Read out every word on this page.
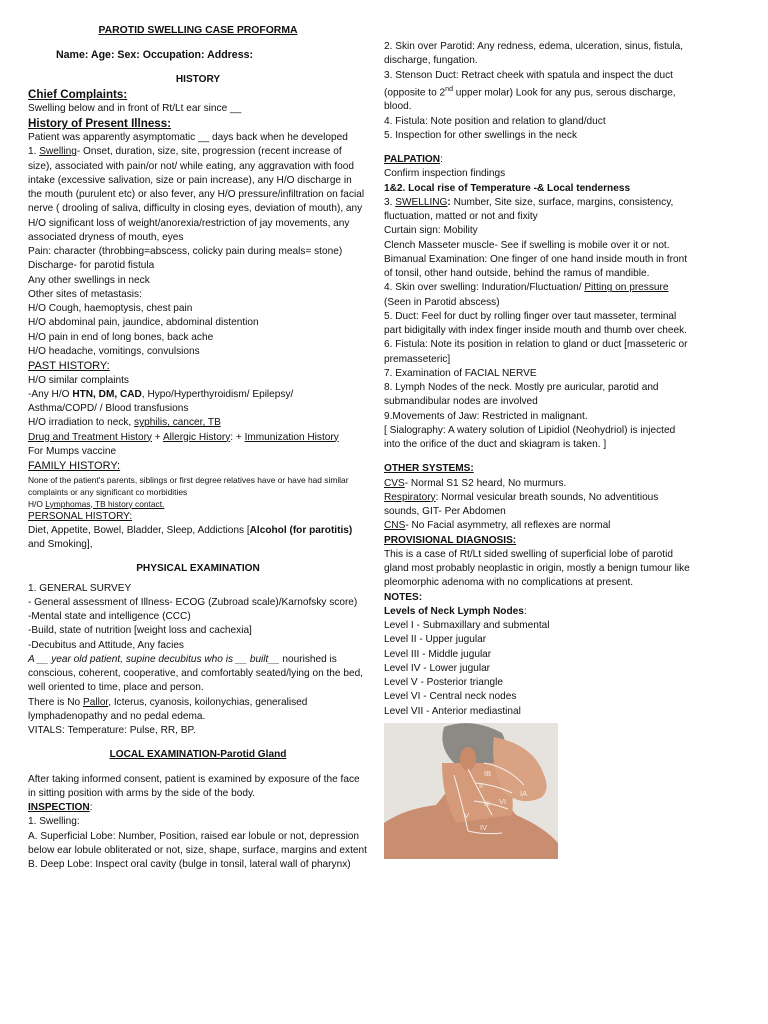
PAROTID SWELLING CASE PROFORMA

Name: Age: Sex: Occupation: Address:

HISTORY

Chief Complaints:

Swelling below and in front of Rt/Lt ear since __

History of Present Illness:

Patient was apparently asymptomatic __ days back when he developed

1. Swelling- Onset, duration, size, site, progression (recent increase of size), associated with pain/or not/ while eating, any aggravation with food intake (excessive salivation, size or pain increase), any H/O discharge in the mouth (purulent etc) or also fever, any H/O pressure/infiltration on facial nerve ( drooling of saliva, difficulty in closing eyes, deviation of mouth), any H/O significant loss of weight/anorexia/restriction of jay movements, any associated dryness of mouth, eyes

Pain: character (throbbing=abscess, colicky pain during meals= stone)

Discharge- for parotid fistula

Any other swellings in neck

Other sites of metastasis:

H/O Cough, haemoptysis, chest pain

H/O abdominal pain, jaundice, abdominal distention

H/O pain in end of long bones, back ache

H/O headache, vomitings, convulsions

PAST HISTORY:

H/O similar complaints

-Any H/O HTN, DM, CAD, Hypo/Hyperthyroidism/ Epilepsy/

Asthma/COPD/ / Blood transfusions

H/O irradiation to neck, syphilis, cancer, TB

Drug and Treatment History + Allergic History: + Immunization History

For Mumps vaccine

FAMILY HISTORY:

None of the patient's parents, siblings or first degree relatives have or have had similar complaints or any significant co morbidities

H/O Lymphomas, TB history contact.

PERSONAL HISTORY:

Diet, Appetite, Bowel, Bladder, Sleep, Addictions [Alcohol (for parotitis) and Smoking],

PHYSICAL EXAMINATION

1. GENERAL SURVEY

- General assessment of Illness- ECOG (Zubroad scale)/Karnofsky score)

-Mental state and intelligence (CCC)

-Build, state of nutrition [weight loss and cachexia]

-Decubitus and Attitude, Any facies

A __ year old patient, supine decubitus who is __ built__ nourished is conscious, coherent, cooperative, and comfortably seated/lying on the bed, well oriented to time, place and person.

There is No Pallor, Icterus, cyanosis, koilonychias, generalised lymphadenopathy and no pedal edema.

VITALS: Temperature: Pulse, RR, BP.

LOCAL EXAMINATION-Parotid Gland

After taking informed consent, patient is examined by exposure of the face in sitting position with arms by the side of the body.

INSPECTION:

1. Swelling:

A. Superficial Lobe: Number, Position, raised ear lobule or not, depression below ear lobule obliterated or not, size, shape, surface, margins and extent

B. Deep Lobe: Inspect oral cavity (bulge in tonsil, lateral wall of pharynx)

2. Skin over Parotid: Any redness, edema, ulceration, sinus, fistula, discharge, fungation.

3. Stenson Duct: Retract cheek with spatula and inspect the duct (opposite to 2nd upper molar) Look for any pus, serous discharge, blood.

4. Fistula: Note position and relation to gland/duct

5. Inspection for other swellings in the neck

PALPATION:

Confirm inspection findings

1&2. Local rise of Temperature -& Local tenderness

3. SWELLING: Number, Site size, surface, margins, consistency, fluctuation, matted or not and fixity

Curtain sign: Mobility

Clench Masseter muscle- See if swelling is mobile over it or not.

Bimanual Examination: One finger of one hand inside mouth in front of tonsil, other hand outside, behind the ramus of mandible.

4. Skin over swelling: Induration/Fluctuation/ Pitting on pressure (Seen in Parotid abscess)

5. Duct: Feel for duct by rolling finger over taut masseter, terminal part bidigitally with index finger inside mouth and thumb over cheek.

6. Fistula: Note its position in relation to gland or duct [masseteric or premasseteric]

7. Examination of FACIAL NERVE

8. Lymph Nodes of the neck. Mostly pre auricular, parotid and submandibular nodes are involved

9.Movements of Jaw: Restricted in malignant.

[ Sialography: A watery solution of Lipidiol (Neohydriol) is injected into the orifice of the duct and skiagram is taken. ]

OTHER SYSTEMS:

CVS- Normal S1 S2 heard, No murmurs.

Respiratory: Normal vesicular breath sounds, No adventitious sounds, GIT- Per Abdomen

CNS- No Facial asymmetry, all reflexes are normal

PROVISIONAL DIAGNOSIS:

This is a case of Rt/Lt sided swelling of superficial lobe of parotid gland most probably neoplastic in origin, mostly a benign tumour like pleomorphic adenoma with no complications at present.

NOTES:

Levels of Neck Lymph Nodes:

Level I - Submaxillary and submental

Level II - Upper jugular

Level III - Middle jugular

Level IV - Lower jugular

Level V - Posterior triangle

Level VI - Central neck nodes

Level VII - Anterior mediastinal

IB
II
IA
III VI
V
IV
